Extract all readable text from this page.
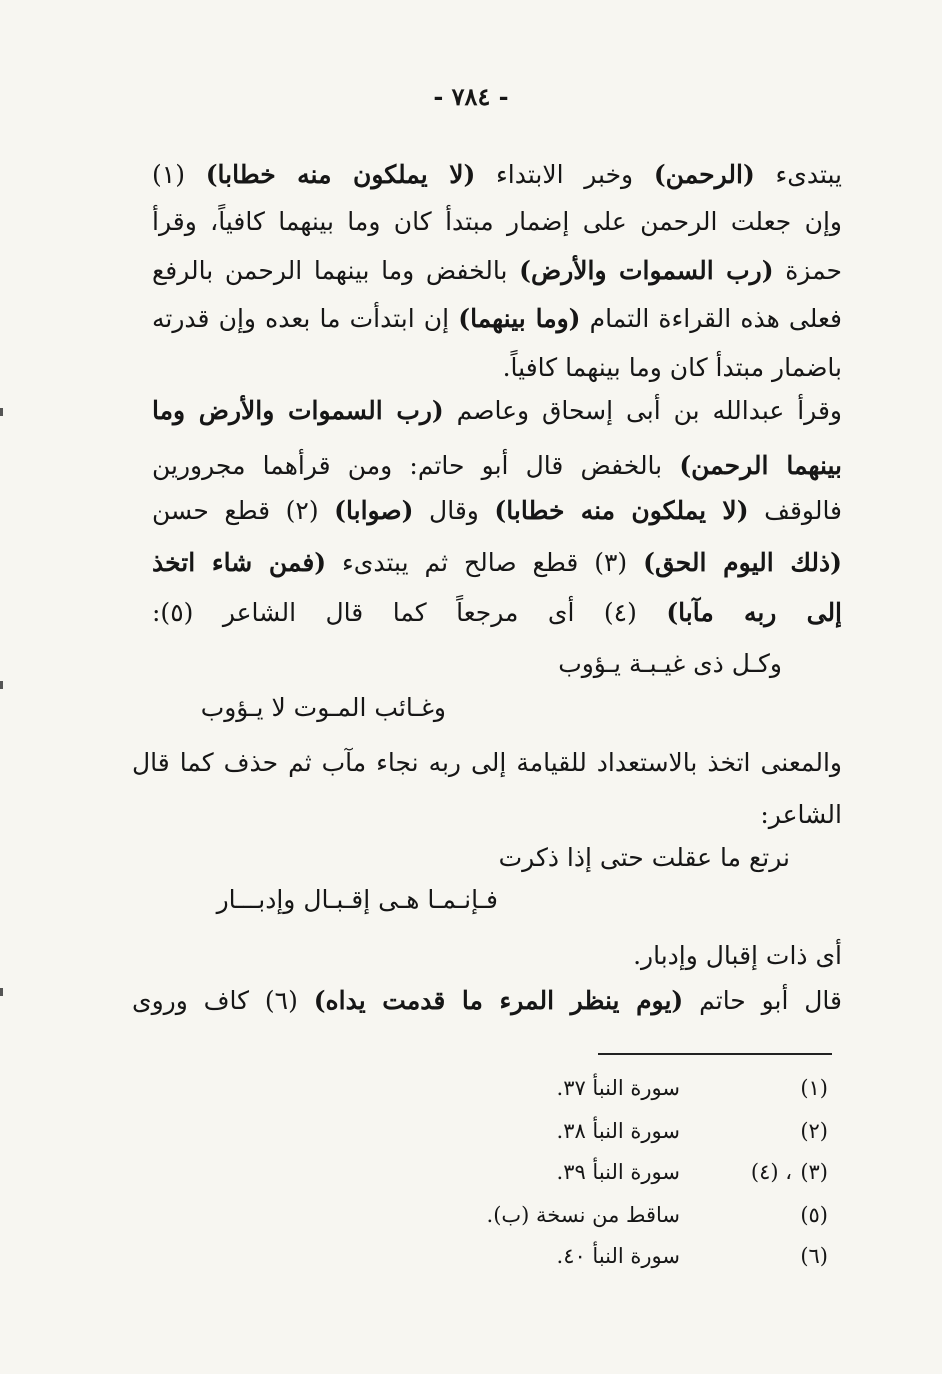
- ٧٨٤ -
يبتدىء (الرحمن) وخبر الابتداء (لا يملكون منه خطابا) (١)
وإن جعلت الرحمن على إضمار مبتدأ كان وما بينهما كافياً، وقرأ
حمزة (رب السموات والأرض) بالخفض وما بينهما الرحمن بالرفع
فعلى هذه القراءة التمام (وما بينهما) إن ابتدأت ما بعده وإن قدرته
باضمار مبتدأ كان وما بينهما كافياً.
وقرأ عبدالله بن أبى إسحاق وعاصم (رب السموات والأرض وما
بينهما الرحمن) بالخفض قال أبو حاتم: ومن قرأهما مجرورين
فالوقف (لا يملكون منه خطابا) وقال (صوابا) (٢) قطع حسن
(ذلك اليوم الحق) (٣) قطع صالح ثم يبتدىء (فمن شاء اتخذ
إلى ربه مآبا) (٤) أى مرجعاً كما قال الشاعر (٥):
وكـل ذى غيـبـة يـؤوب
وغـائب المـوت لا يـؤوب
والمعنى اتخذ بالاستعداد للقيامة إلى ربه نجاء مآب ثم حذف كما قال
الشاعر:
نرتع ما عقلت حتى إذا ذكرت
فـإنـمـا هـى إقـبـال وإدبـــار
أى ذات إقبال وإدبار.
قال أبو حاتم (يوم ينظر المرء ما قدمت يداه) (٦) كاف وروى
(١)
سورة النبأ ٣٧.
(٢)
سورة النبأ ٣٨.
(٣)
، (٤)
سورة النبأ ٣٩.
(٥)
ساقط من نسخة (ب).
(٦)
سورة النبأ ٤٠.
